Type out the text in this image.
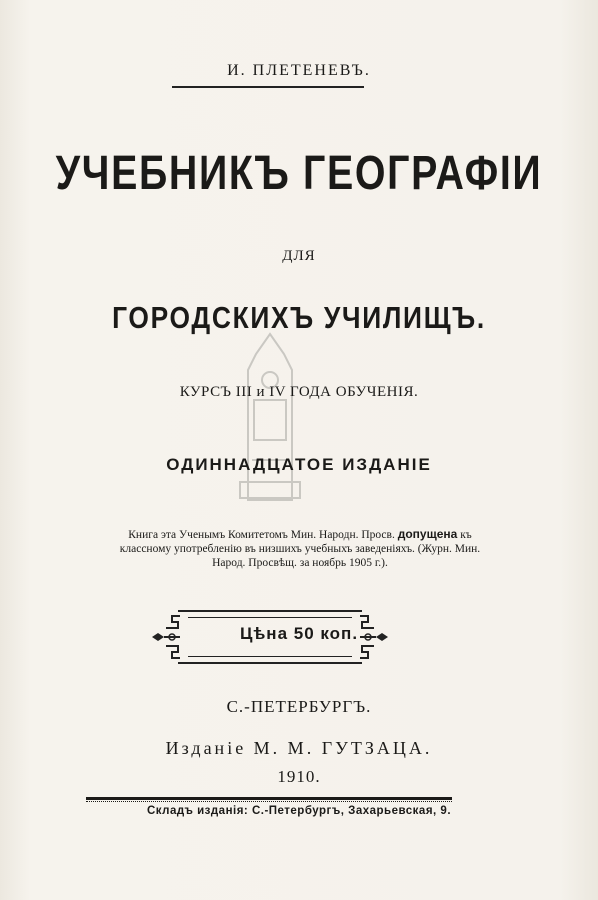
И. ПЛЕТЕНЕВЪ.
УЧЕБНИКЪ ГЕОГРАФІИ
ДЛЯ
ГОРОДСКИХЪ УЧИЛИЩЪ.
КУРСЪ III и IV ГОДА ОБУЧЕНІЯ.
ОДИННАДЦАТОЕ ИЗДАНІЕ
Книга эта Ученымъ Комитетомъ Мин. Народн. Просв. допущена къ классному употребленію въ низшихъ учебныхъ заведеніяхъ. (Журн. Мин. Народ. Просвѣщ. за ноябрь 1905 г.).
Цѣна 50 коп.
С.-ПЕТЕРБУРГЪ.
Изданіе М. М. ГУТЗАЦА.
1910.
Складъ изданія: С.-Петербургъ, Захарьевская, 9.
